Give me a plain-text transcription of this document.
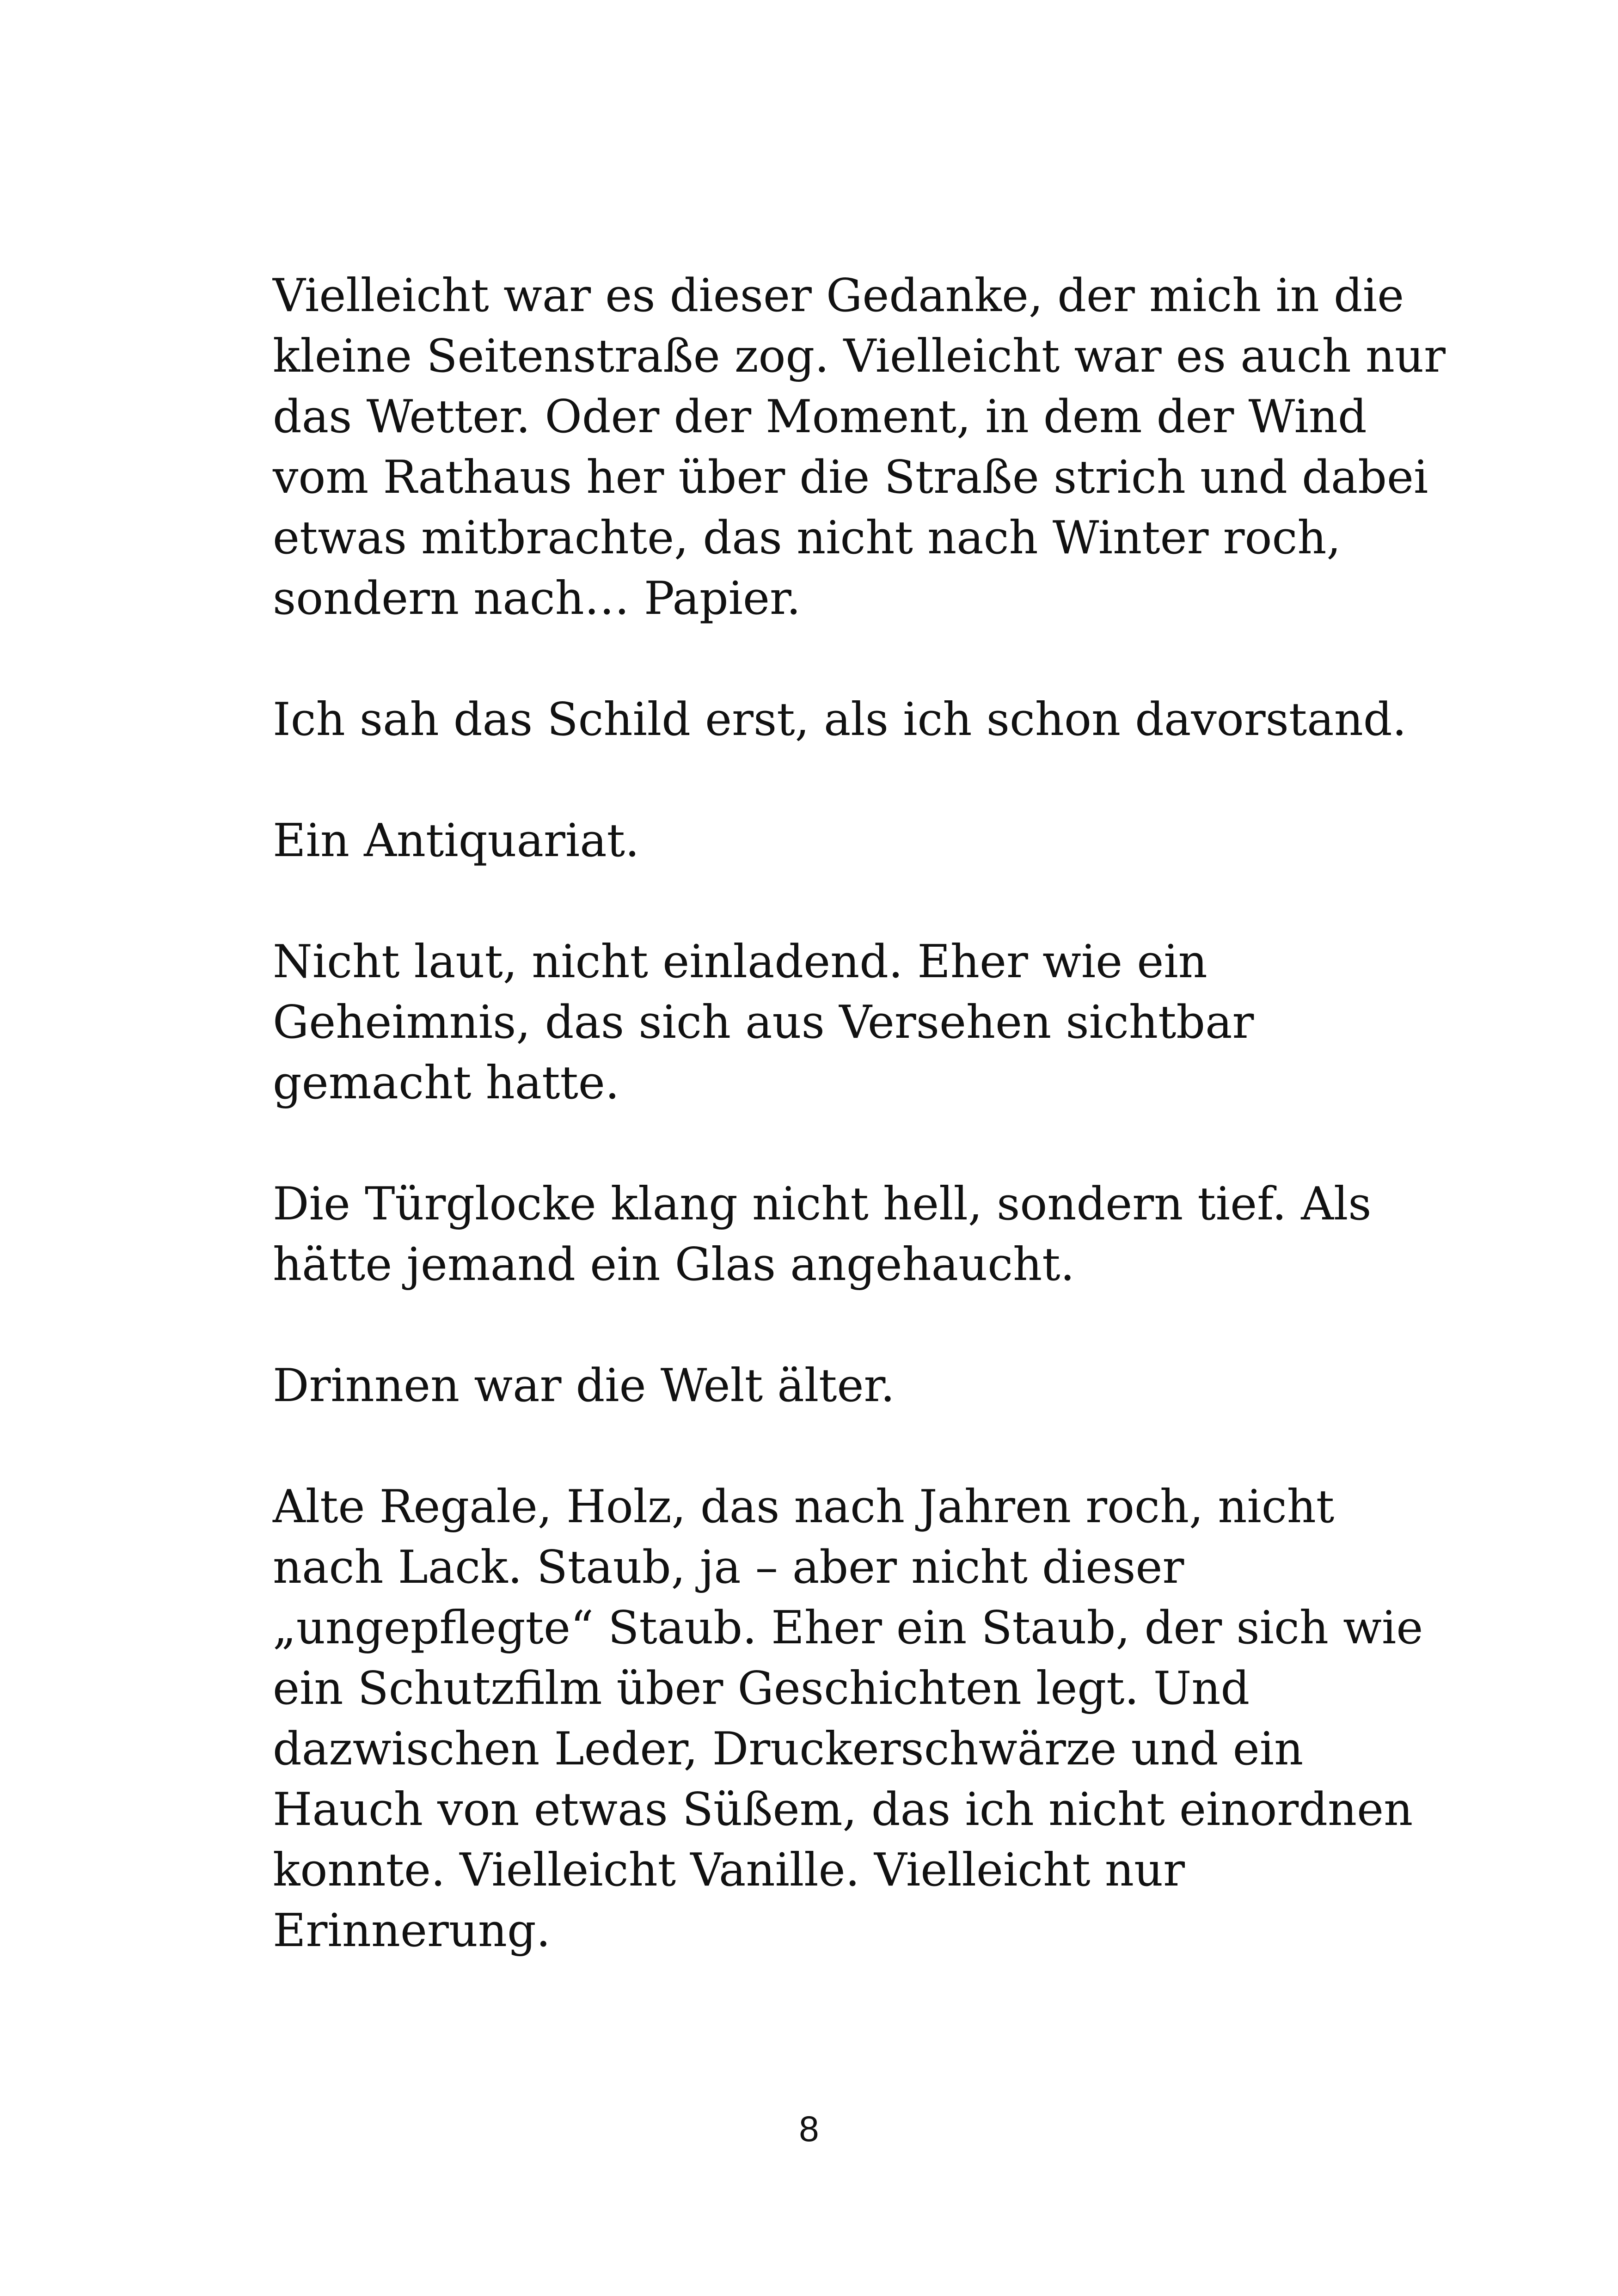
Vielleicht war es dieser Gedanke, der mich in die
kleine Seitenstraße zog. Vielleicht war es auch nur
das Wetter. Oder der Moment, in dem der Wind
vom Rathaus her über die Straße strich und dabei
etwas mitbrachte, das nicht nach Winter roch,
sondern nach… Papier.

Ich sah das Schild erst, als ich schon davorstand.

Ein Antiquariat.

Nicht laut, nicht einladend. Eher wie ein
Geheimnis, das sich aus Versehen sichtbar
gemacht hatte.

Die Türglocke klang nicht hell, sondern tief. Als
hätte jemand ein Glas angehaucht.

Drinnen war die Welt älter.

Alte Regale, Holz, das nach Jahren roch, nicht
nach Lack. Staub, ja – aber nicht dieser
„ungepflegte“ Staub. Eher ein Staub, der sich wie
ein Schutzfilm über Geschichten legt. Und
dazwischen Leder, Druckerschwärze und ein
Hauch von etwas Süßem, das ich nicht einordnen
konnte. Vielleicht Vanille. Vielleicht nur
Erinnerung.

8
